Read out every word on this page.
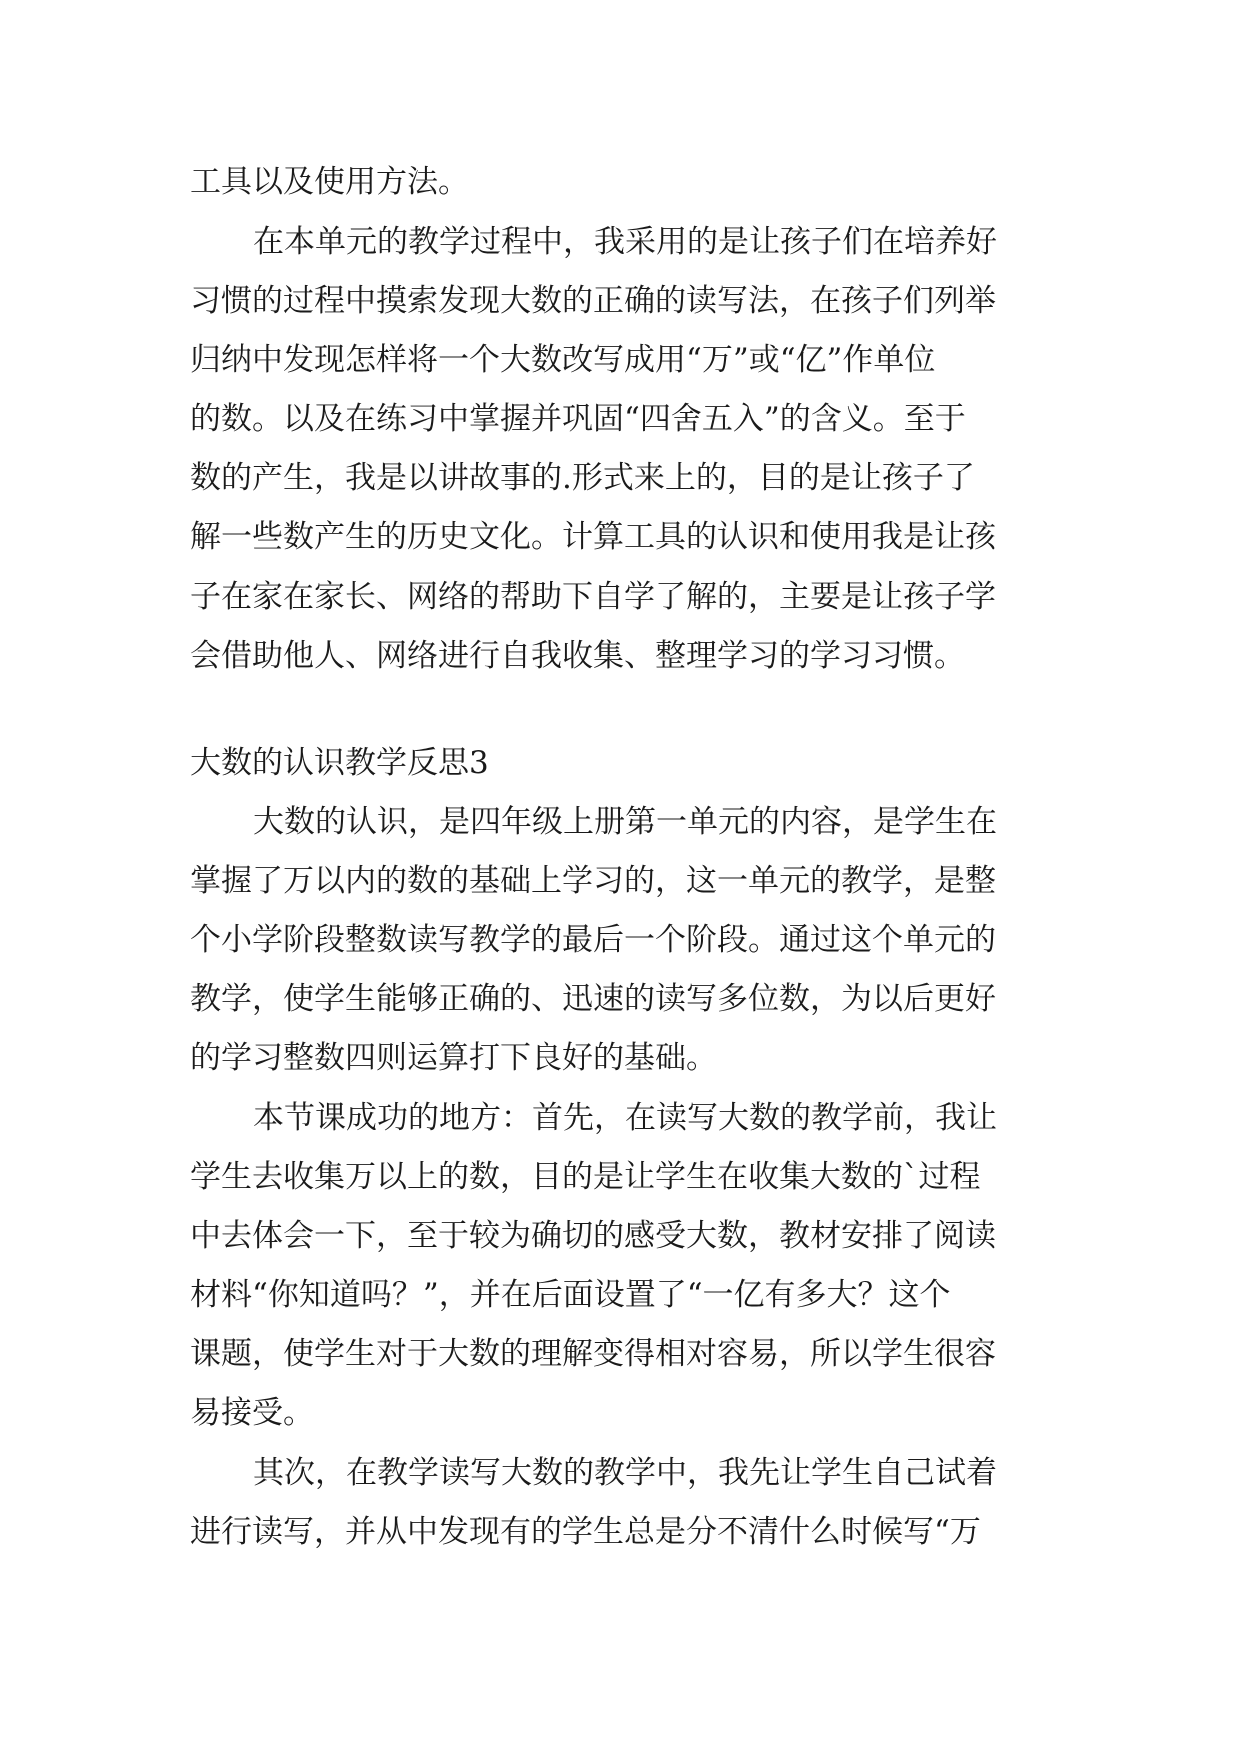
工具以及使用方法。

在本单元的教学过程中，我采用的是让孩子们在培养好

习惯的过程中摸索发现大数的正确的读写法，在孩子们列举

归纳中发现怎样将一个大数改写成用“万”或“亿”作单位

的数。以及在练习中掌握并巩固“四舍五入”的含义。至于

数的产生，我是以讲故事的.形式来上的，目的是让孩子了

解一些数产生的历史文化。计算工具的认识和使用我是让孩

子在家在家长、网络的帮助下自学了解的，主要是让孩子学

会借助他人、网络进行自我收集、整理学习的学习习惯。

大数的认识教学反思3

大数的认识，是四年级上册第一单元的内容，是学生在

掌握了万以内的数的基础上学习的，这一单元的教学，是整

个小学阶段整数读写教学的最后一个阶段。通过这个单元的

教学，使学生能够正确的、迅速的读写多位数，为以后更好

的学习整数四则运算打下良好的基础。

本节课成功的地方：首先，在读写大数的教学前，我让

学生去收集万以上的数，目的是让学生在收集大数的`过程

中去体会一下，至于较为确切的感受大数，教材安排了阅读

材料“你知道吗？”，并在后面设置了“一亿有多大？这个

课题，使学生对于大数的理解变得相对容易，所以学生很容

易接受。

其次，在教学读写大数的教学中，我先让学生自己试着

进行读写，并从中发现有的学生总是分不清什么时候写“万
